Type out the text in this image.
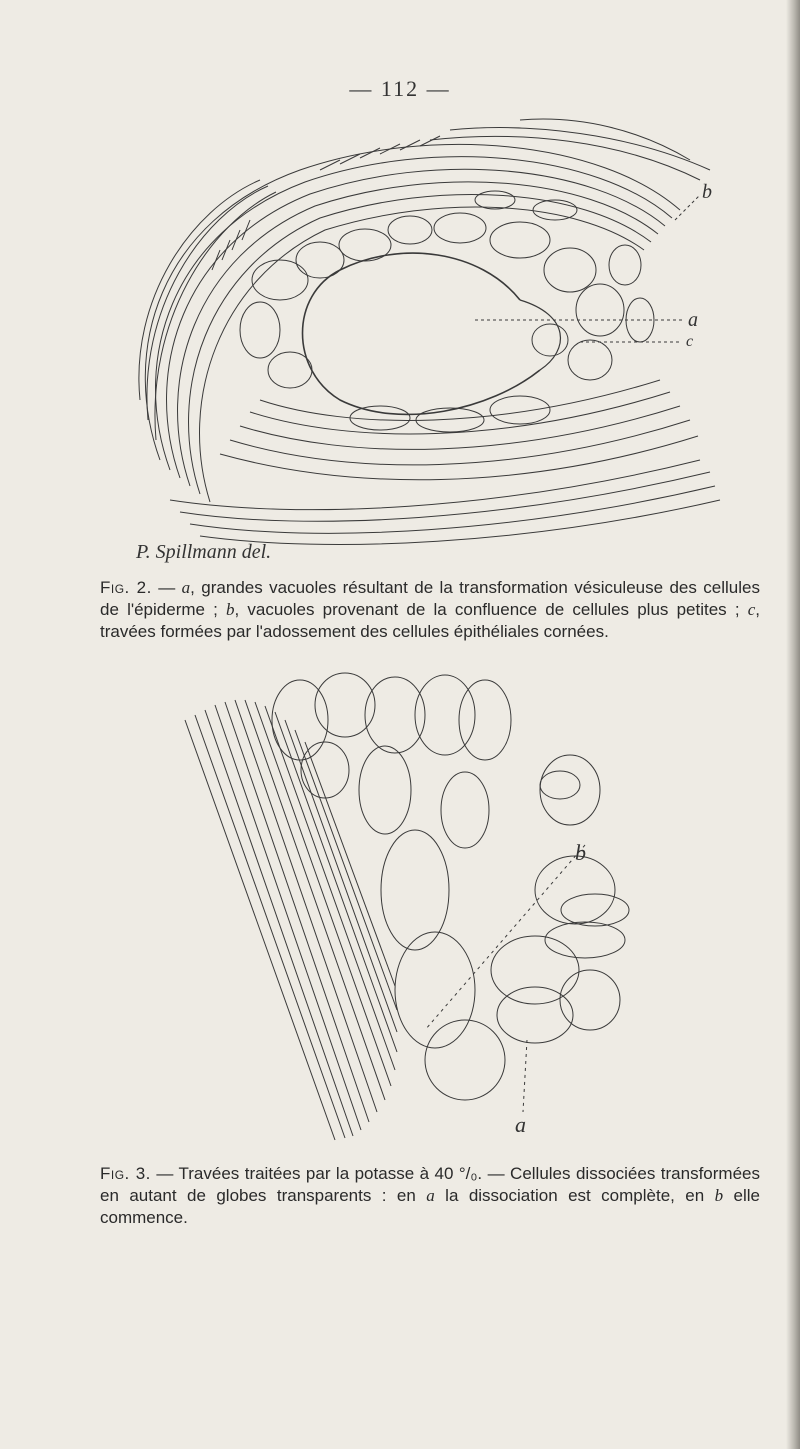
— 112 —
b
a
c
P. Spillmann del.
Fig. 2. — a, grandes vacuoles résultant de la transformation vésiculeuse des cellules de l'épiderme ; b, vacuoles provenant de la confluence de cellules plus petites ; c, travées formées par l'adossement des cellules épithéliales cornées.
b
a
Fig. 3. — Travées traitées par la potasse à 40 °/₀. — Cellules dissociées transformées en autant de globes transparents : en a la dissociation est complète, en b elle commence.
